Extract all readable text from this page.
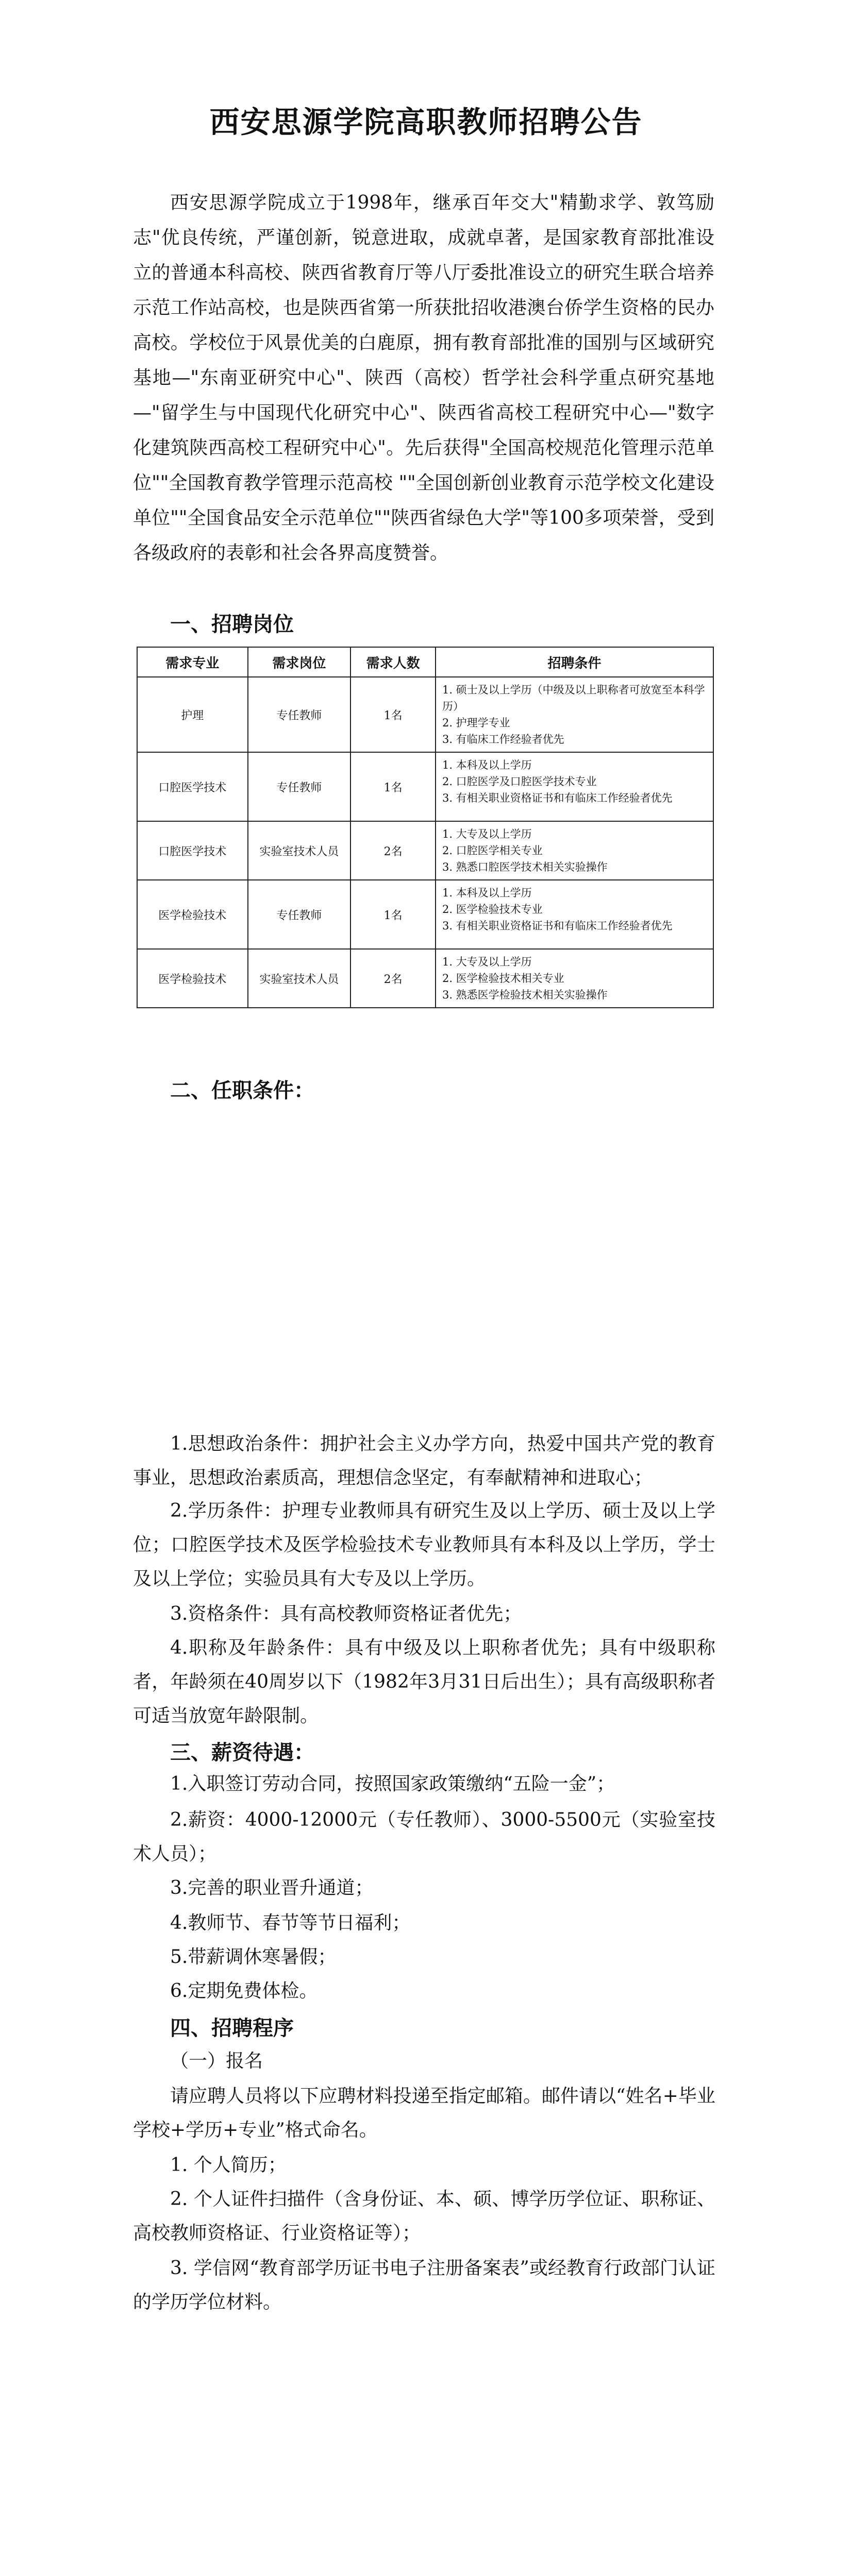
西安思源学院高职教师招聘公告

西安思源学院成立于1998年，继承百年交大"精勤求学、敦笃励志"优良传统，严谨创新，锐意进取，成就卓著，是国家教育部批准设立的普通本科高校、陕西省教育厅等八厅委批准设立的研究生联合培养示范工作站高校，也是陕西省第一所获批招收港澳台侨学生资格的民办高校。学校位于风景优美的白鹿原，拥有教育部批准的国别与区域研究基地—"东南亚研究中心"、陕西（高校）哲学社会科学重点研究基地—"留学生与中国现代化研究中心"、陕西省高校工程研究中心—"数字化建筑陕西高校工程研究中心"。先后获得"全国高校规范化管理示范单位""全国教育教学管理示范高校 ""全国创新创业教育示范学校文化建设单位""全国食品安全示范单位""陕西省绿色大学"等100多项荣誉，受到各级政府的表彰和社会各界高度赞誉。

一、招聘岗位
需求专业	需求岗位	需求人数	招聘条件
护理	专任教师	1名	1. 硕士及以上学历（中级及以上职称者可放宽至本科学历）
2. 护理学专业
3. 有临床工作经验者优先

口腔医学技术	专任教师	1名	1. 本科及以上学历
2. 口腔医学及口腔医学技术专业
3. 有相关职业资格证书和有临床工作经验者优先

口腔医学技术	实验室技术人员	2名	1. 大专及以上学历
2. 口腔医学相关专业
3. 熟悉口腔医学技术相关实验操作

医学检验技术	专任教师	1名	1. 本科及以上学历
2. 医学检验技术专业
3. 有相关职业资格证书和有临床工作经验者优先

医学检验技术	实验室技术人员	2名	1. 大专及以上学历
2. 医学检验技术相关专业
3. 熟悉医学检验技术相关实验操作
二、任职条件：

1.思想政治条件：拥护社会主义办学方向，热爱中国共产党的教育事业，思想政治素质高，理想信念坚定，有奉献精神和进取心；

2.学历条件：护理专业教师具有研究生及以上学历、硕士及以上学位；口腔医学技术及医学检验技术专业教师具有本科及以上学历，学士及以上学位；实验员具有大专及以上学历。

3.资格条件：具有高校教师资格证者优先；

4.职称及年龄条件：具有中级及以上职称者优先；具有中级职称者，年龄须在40周岁以下（1982年3月31日后出生）；具有高级职称者可适当放宽年龄限制。

三、薪资待遇：

1.入职签订劳动合同，按照国家政策缴纳“五险一金”；

2.薪资：4000-12000元（专任教师）、3000-5500元（实验室技术人员）；

3.完善的职业晋升通道；

4.教师节、春节等节日福利；

5.带薪调休寒暑假；

6.定期免费体检。

四、招聘程序

（一）报名

请应聘人员将以下应聘材料投递至指定邮箱。邮件请以“姓名+毕业学校+学历+专业”格式命名。

1. 个人简历；

2. 个人证件扫描件（含身份证、本、硕、博学历学位证、职称证、高校教师资格证、行业资格证等）；

3. 学信网“教育部学历证书电子注册备案表”或经教育行政部门认证的学历学位材料。
